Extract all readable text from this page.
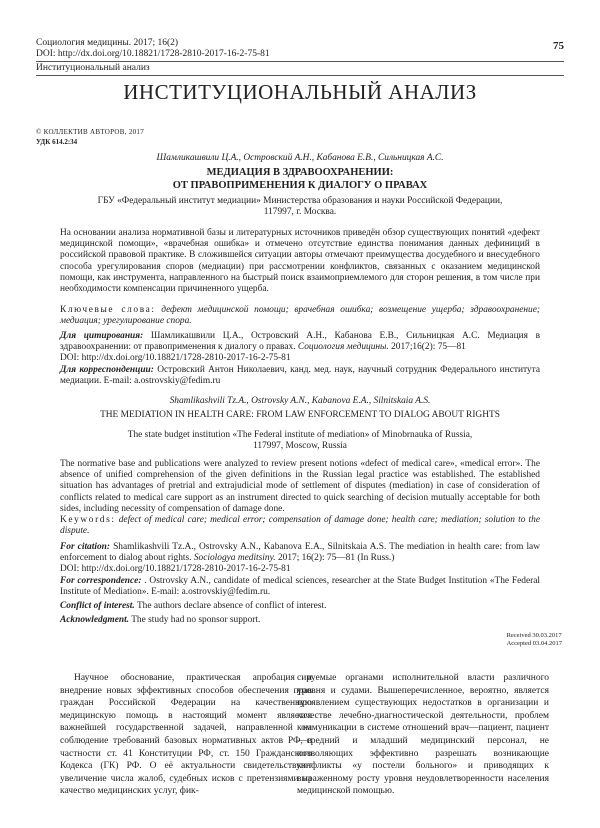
Социология медицины. 2017; 16(2)
DOI: http://dx.doi.org/10.18821/1728-2810-2017-16-2-75-81
75
Институциональный анализ
ИНСТИТУЦИОНАЛЬНЫЙ АНАЛИЗ
© КОЛЛЕКТИВ АВТОРОВ, 2017
УДК 614.2:34
Шамликашвили Ц.А., Островский А.Н., Кабанова Е.В., Сильницкая А.С.
МЕДИАЦИЯ В ЗДРАВООХРАНЕНИИ:
ОТ ПРАВОПРИМЕНЕНИЯ К ДИАЛОГУ О ПРАВАХ
ГБУ «Федеральный институт медиации» Министерства образования и науки Российской Федерации,
117997, г. Москва.
На основании анализа нормативной базы и литературных источников приведён обзор существующих понятий «дефект медицинской помощи», «врачебная ошибка» и отмечено отсутствие единства понимания данных дефиниций в российской правовой практике. В сложившейся ситуации авторы отмечают преимущества досудебного и внесудебного способа урегулирования споров (медиации) при рассмотрении конфликтов, связанных с оказанием медицинской помощи, как инструмента, направленного на быстрый поиск взаимоприемлемого для сторон решения, в том числе при необходимости компенсации причиненного ущерба.
Ключевые слова: дефект медицинской помощи; врачебная ошибка; возмещение ущерба; здравоохранение; медиация; урегулирование спора.
Для цитирования: Шамликашвили Ц.А., Островский А.Н., Кабанова Е.В., Сильницкая А.С. Медиация в здравоохранении: от правоприменения к диалогу о правах. Социология медицины. 2017;16(2): 75—81
DOI: http://dx.doi.org/10.18821/1728-2810-2017-16-2-75-81
Для корреспонденции: Островский Антон Николаевич, канд. мед. наук, научный сотрудник Федерального института медиации. E-mail: a.ostrovskiy@fedim.ru
Shamlikashvili Tz.A., Ostrovsky A.N., Kabanova E.A., Silnitskaia A.S.
THE MEDIATION IN HEALTH CARE: FROM LAW ENFORCEMENT TO DIALOG ABOUT RIGHTS
The state budget institution «The Federal institute of mediation» of Minobrnauka of Russia,
117997, Moscow, Russia
The normative base and publications were analyzed to review present notions «defect of medical care», «medical error». The absence of unified comprehension of the given definitions in the Russian legal practice was established. The established situation has advantages of pretrial and extrajudicial mode of settlement of disputes (mediation) in case of consideration of conflicts related to medical care support as an instrument directed to quick searching of decision mutually acceptable for both sides, including necessity of compensation of damage done.
Keywords: defect of medical care; medical error; compensation of damage done; health care; mediation; solution to the dispute.
For citation: Shamlikashvili Tz.A., Ostrovsky A.N., Kabanova E.A., Silnitskaia A.S. The mediation in health care: from law enforcement to dialog about rights. Sociologya meditsiny. 2017; 16(2): 75—81 (In Russ.)
DOI: http://dx.doi.org/10.18821/1728-2810-2017-16-2-75-81
For correspondence: . Ostrovsky A.N., candidate of medical sciences, researcher at the State Budget Institution «The Federal Institute of Mediation». E-mail: a.ostrovskiy@fedim.ru.
Conflict of interest. The authors declare absence of conflict of interest.
Acknowledgment. The study had no sponsor support.
Received 30.03.2017
Accepted 03.04.2017
Научное обоснование, практическая апробация и внедрение новых эффективных способов обеспечения прав граждан Российской Федерации на качественную медицинскую помощь в настоящий момент является важнейшей государственной задачей, направленной на соблюдение требований базовых нормативных актов РФ, в частности ст. 41 Конституции РФ, ст. 150 Гражданского Кодекса (ГК) РФ. О её актуальности свидетельствуют увеличение числа жалоб, судебных исков с претензиями на качество медицинских услуг, фик-
сируемые органами исполнительной власти различного уровня и судами. Вышеперечисленное, вероятно, является проявлением существующих недостатков в организации и качестве лечебно-диагностической деятельности, проблем коммуникации в системе отношений врач—пациент, пациент—средний и младший медицинский персонал, не позволяющих эффективно разрешать возникающие конфликты «у постели больного» и приводящих к выраженному росту уровня неудовлетворенности населения медицинской помощью.
